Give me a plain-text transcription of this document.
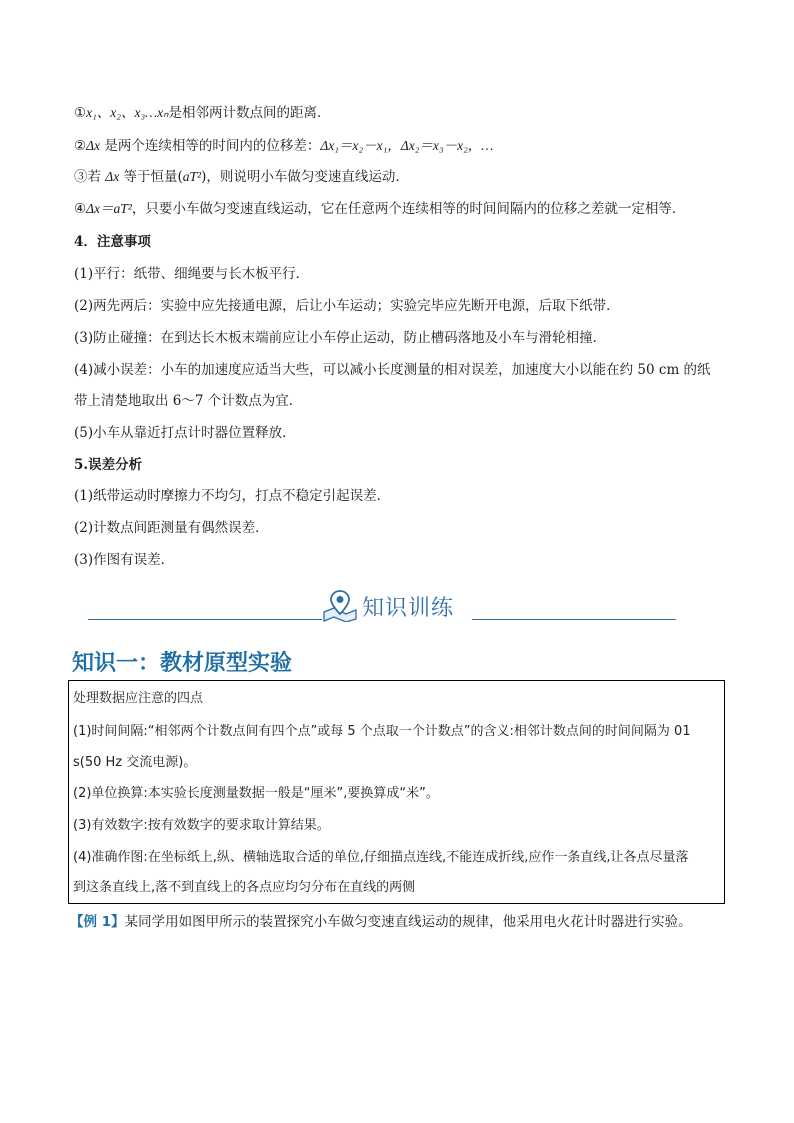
①x₁、x₂、x₃…xₙ是相邻两计数点间的距离．
②Δx 是两个连续相等的时间内的位移差：Δx₁＝x₂－x₁，Δx₂＝x₃－x₂，…
③若 Δx 等于恒量(aT²)，则说明小车做匀变速直线运动．
④Δx＝aT²，只要小车做匀变速直线运动，它在任意两个连续相等的时间间隔内的位移之差就一定相等．
4．注意事项
(1)平行：纸带、细绳要与长木板平行．
(2)两先两后：实验中应先接通电源，后让小车运动；实验完毕应先断开电源，后取下纸带．
(3)防止碰撞：在到达长木板末端前应让小车停止运动，防止槽码落地及小车与滑轮相撞．
(4)减小误差：小车的加速度应适当大些，可以减小长度测量的相对误差，加速度大小以能在约 50 cm 的纸
带上清楚地取出 6～7 个计数点为宜．
(5)小车从靠近打点计时器位置释放．
5.误差分析
(1)纸带运动时摩擦力不均匀，打点不稳定引起误差．
(2)计数点间距测量有偶然误差．
(3)作图有误差．
知识训练
知识一：教材原型实验
处理数据应注意的四点
(1)时间间隔:“相邻两个计数点间有四个点”或每 5 个点取一个计数点”的含义:相邻计数点间的时间间隔为 01
s(50 Hz 交流电源)。
(2)单位换算:本实验长度测量数据一般是“厘米”,要换算成“米”。
(3)有效数字:按有效数字的要求取计算结果。
(4)准确作图:在坐标纸上,纵、横轴选取合适的单位,仔细描点连线,不能连成折线,应作一条直线,让各点尽量落
到这条直线上,落不到直线上的各点应均匀分布在直线的两侧
【例 1】某同学用如图甲所示的装置探究小车做匀变速直线运动的规律，他采用电火花计时器进行实验。
